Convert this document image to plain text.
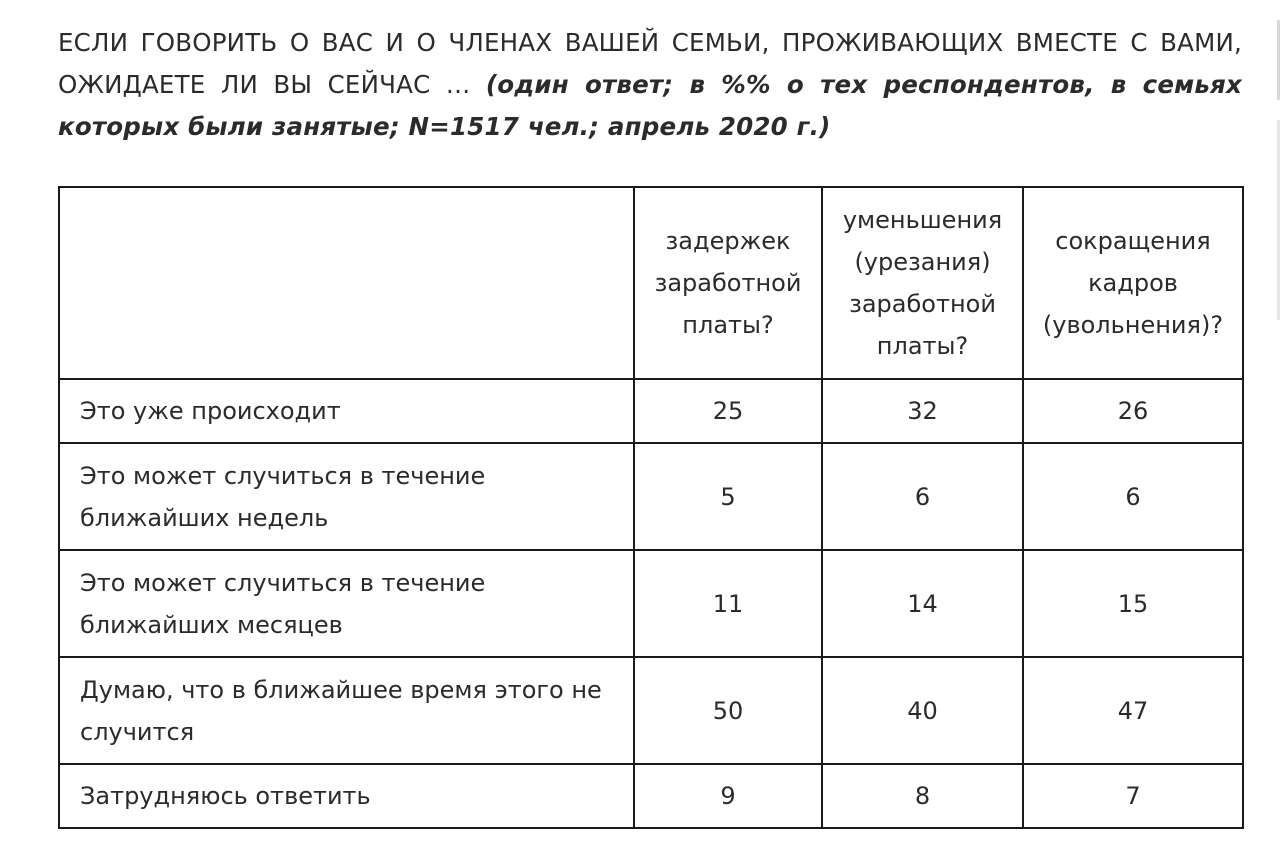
ЕСЛИ ГОВОРИТЬ О ВАС И О ЧЛЕНАХ ВАШЕЙ СЕМЬИ, ПРОЖИВАЮЩИХ ВМЕСТЕ С ВАМИ, ОЖИДАЕТЕ ЛИ ВЫ СЕЙЧАС … (один ответ; в %% о тех респондентов, в семьях которых были занятые; N=1517 чел.; апрель 2020 г.)
	задержек заработной платы?	уменьшения (урезания) заработной платы?	сокращения кадров (увольнения)?
Это уже происходит	25	32	26
Это может случиться в течение ближайших недель	5	6	6
Это может случиться в течение ближайших месяцев	11	14	15
Думаю, что в ближайшее время этого не случится	50	40	47
Затрудняюсь ответить	9	8	7
